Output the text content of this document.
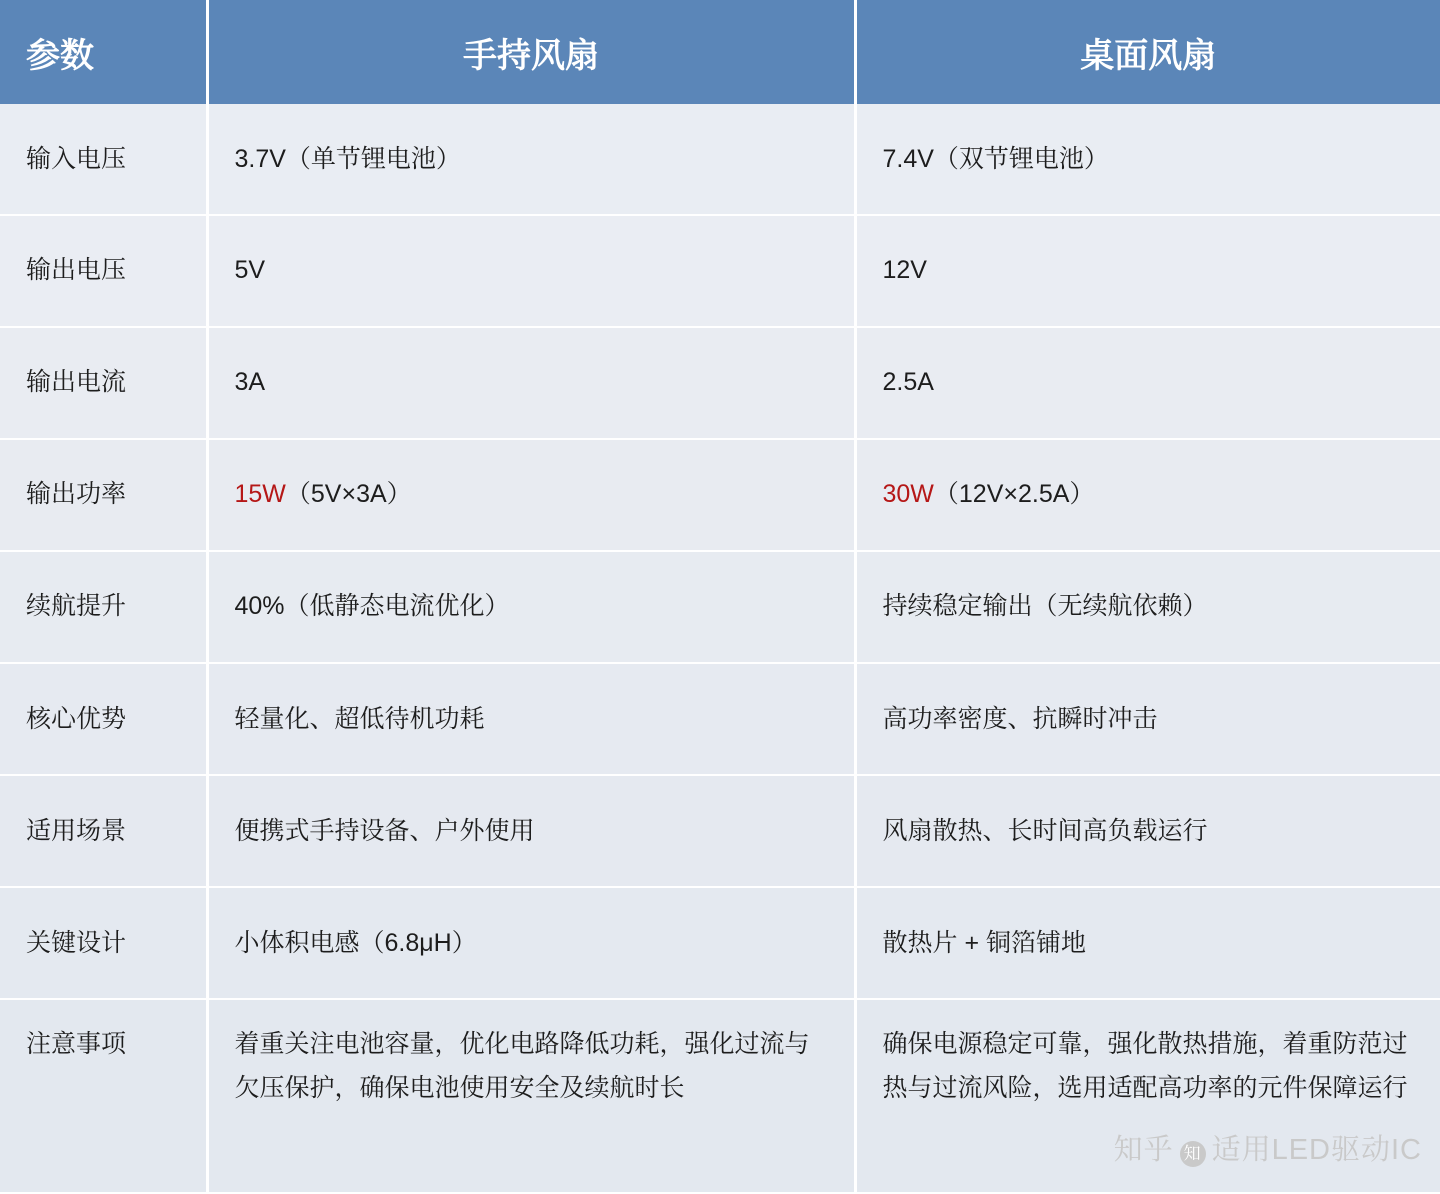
参数	手持风扇	桌面风扇
输入电压	3.7V（单节锂电池）	7.4V（双节锂电池）
输出电压	5V	12V
输出电流	3A	2.5A
输出功率	15W（5V×3A）	30W（12V×2.5A）
续航提升	40%（低静态电流优化）	持续稳定输出（无续航依赖）
核心优势	轻量化、超低待机功耗	高功率密度、抗瞬时冲击
适用场景	便携式手持设备、户外使用	风扇散热、长时间高负载运行
关键设计	小体积电感（6.8μH）	散热片 + 铜箔铺地
注意事项	着重关注电池容量，优化电路降低功耗，强化过流与欠压保护，确保电池使用安全及续航时长	确保电源稳定可靠，强化散热措施，着重防范过热与过流风险，选用适配高功率的元件保障运行
知乎 知 适用LED驱动IC
